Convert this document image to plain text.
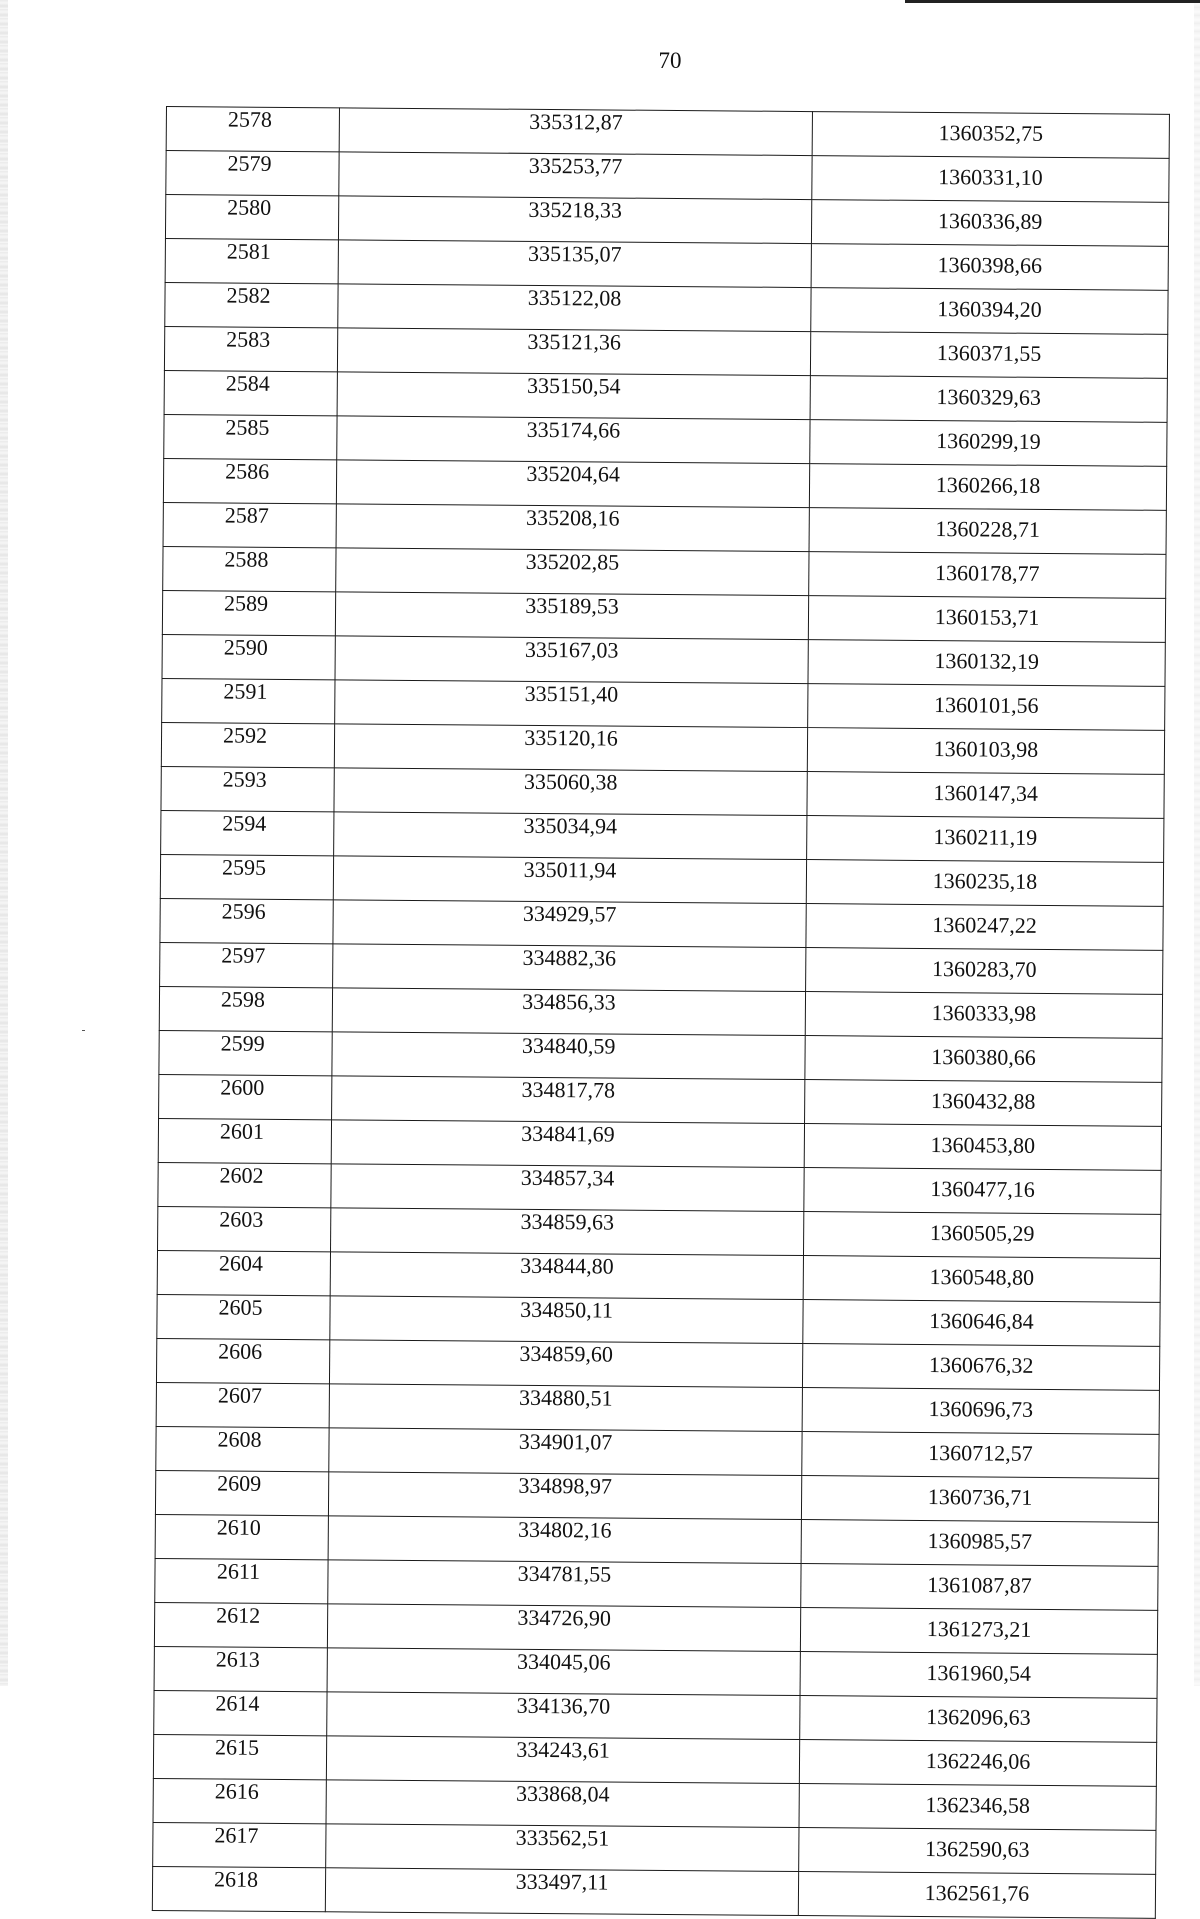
70
2578	335312,87	1360352,75
2579	335253,77	1360331,10
2580	335218,33	1360336,89
2581	335135,07	1360398,66
2582	335122,08	1360394,20
2583	335121,36	1360371,55
2584	335150,54	1360329,63
2585	335174,66	1360299,19
2586	335204,64	1360266,18
2587	335208,16	1360228,71
2588	335202,85	1360178,77
2589	335189,53	1360153,71
2590	335167,03	1360132,19
2591	335151,40	1360101,56
2592	335120,16	1360103,98
2593	335060,38	1360147,34
2594	335034,94	1360211,19
2595	335011,94	1360235,18
2596	334929,57	1360247,22
2597	334882,36	1360283,70
2598	334856,33	1360333,98
2599	334840,59	1360380,66
2600	334817,78	1360432,88
2601	334841,69	1360453,80
2602	334857,34	1360477,16
2603	334859,63	1360505,29
2604	334844,80	1360548,80
2605	334850,11	1360646,84
2606	334859,60	1360676,32
2607	334880,51	1360696,73
2608	334901,07	1360712,57
2609	334898,97	1360736,71
2610	334802,16	1360985,57
2611	334781,55	1361087,87
2612	334726,90	1361273,21
2613	334045,06	1361960,54
2614	334136,70	1362096,63
2615	334243,61	1362246,06
2616	333868,04	1362346,58
2617	333562,51	1362590,63
2618	333497,11	1362561,76
